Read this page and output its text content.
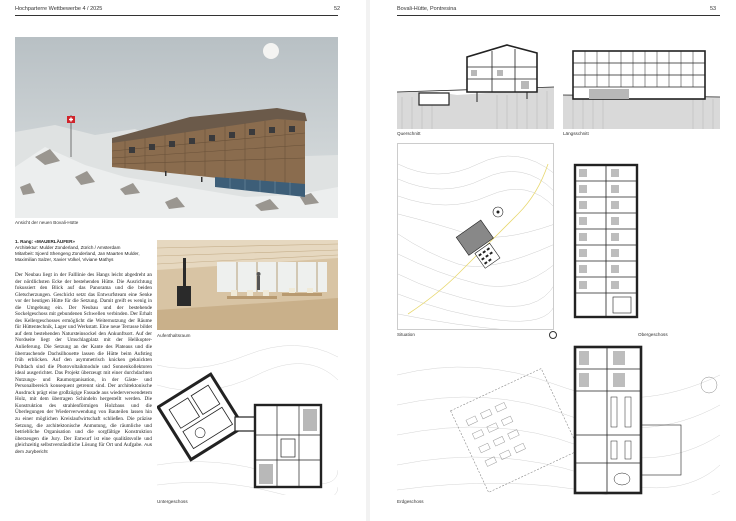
Hochparterre Wettbewerbe 4 / 2025	52
Ansicht der neuen Bovali-Hütte
1. Rang: «MAUERLÄUFER»
Architektur: Mulder Zonderland, Zürich / Amsterdam
Mitarbeit: Sjoerd Shengeng Zonderland, Jan Maarten Mulder, Maximilian Salzer, Xavier Volkel, Viviane Mathys
Der Neubau liegt in der Falllinie des Hangs leicht abgedreht an der nördlichsten Ecke der bestehenden Hütte. Die Ausrichtung fokussiert den Blick auf das Panorama und die beiden Gletscherzungen. Geschickt setzt das Entwurfsteam eine Senke vor der heutigen Hütte für die Setzung. Damit greift es wenig in die Umgebung ein. Der Neubau und der bestehende Sockelgeschoss mit gebundenen Schwellen verbinden. Der Erhalt des Kellergeschosses ermöglicht die Weiternutzung der Räume für Hüttentechnik, Lager und Werkstatt. Eine neue Terrasse bildet auf dem bestehenden Natursteinsockel den Ankunftsort. Auf der Nordseite liegt der Umschlagplatz mit der Helikopter-Anlieferung. Die Setzung an der Kante des Plateaus und die überraschende Dachsilhouette lassen die Hütte beim Aufstieg früh erblicken. Auf den asymmetrisch knicken geknickten Pultdach sind die Photovoltaikmodule und Sonnenkollektoren ideal ausgerichtet. Das Projekt überzeugt mit einer durchdachten Nutzungs- und Raumorganisation, in der Gäste- und Personalbereich konsequent getrennt sind. Der architektonische Ausdruck prägt eine großzügige Fassade aus wiederverwendetem Holz, mit dem überragen Schindeln hergestellt werden. Die Konstruktion des strahlenförmigen Holzbaus und die Überlegungen der Wiederverwendung von Bauteilen lassen hin zu einer möglichen Kreislaufwirtschaft schließen. Die präzise Setzung, die architektonische Anmutung, die räumliche und betriebliche Organisation und die sorgfältige Konstruktion überzeugen die Jury. Der Entwurf ist eine qualitätsvolle und gleichzeitig selbstverständliche Lösung für Ort und Aufgabe. Aus dem Jurybericht
Aufenthaltsraum
Untergeschoss
Bovali-Hütte, Pontresina	53
Querschnitt	Längsschnitt
Situation	Obergeschoss
Erdgeschoss
